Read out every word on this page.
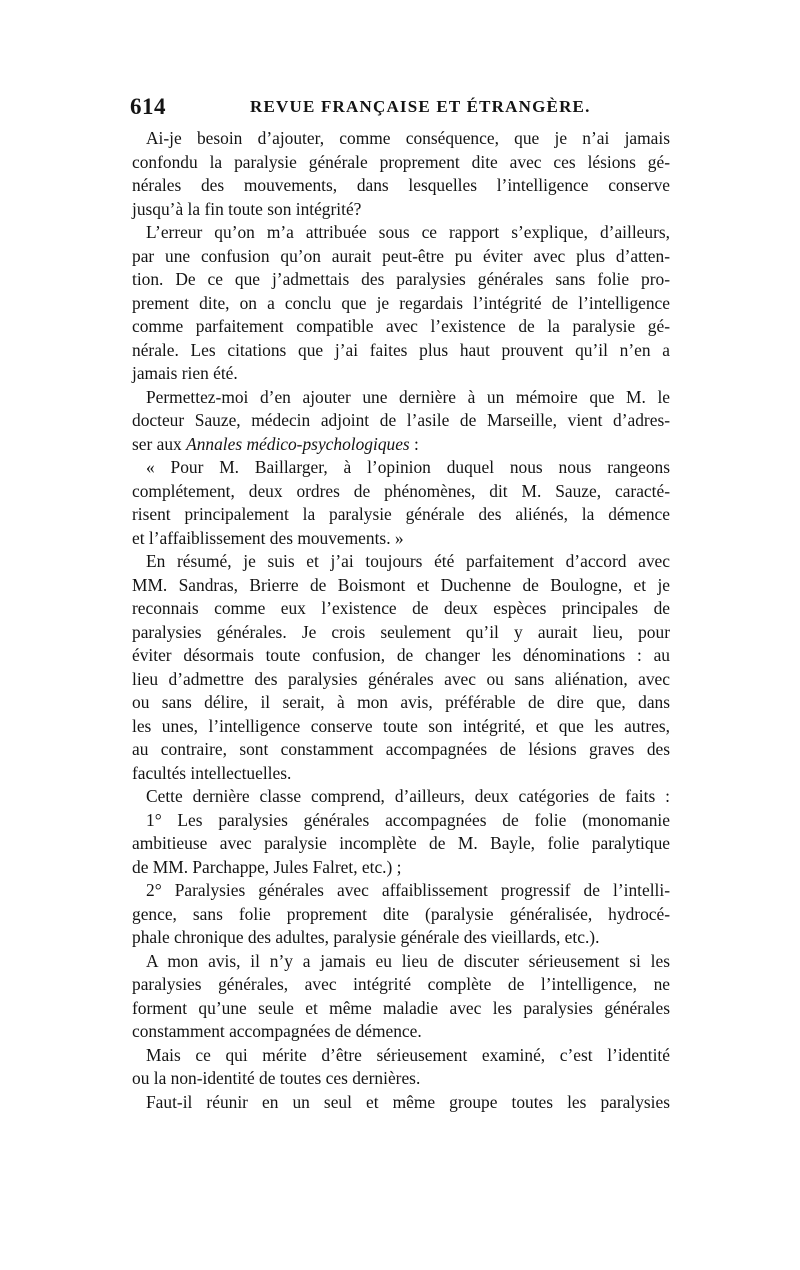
614	REVUE FRANÇAISE ET ÉTRANGÈRE.
Ai-je besoin d’ajouter, comme conséquence, que je n’ai jamais
confondu la paralysie générale proprement dite avec ces lésions gé-
nérales des mouvements, dans lesquelles l’intelligence conserve
jusqu’à la fin toute son intégrité?
L’erreur qu’on m’a attribuée sous ce rapport s’explique, d’ailleurs,
par une confusion qu’on aurait peut-être pu éviter avec plus d’atten-
tion. De ce que j’admettais des paralysies générales sans folie pro-
prement dite, on a conclu que je regardais l’intégrité de l’intelligence
comme parfaitement compatible avec l’existence de la paralysie gé-
nérale. Les citations que j’ai faites plus haut prouvent qu’il n’en a
jamais rien été.
Permettez-moi d’en ajouter une dernière à un mémoire que M. le
docteur Sauze, médecin adjoint de l’asile de Marseille, vient d’adres-
ser aux Annales médico-psychologiques :
« Pour M. Baillarger, à l’opinion duquel nous nous rangeons
complétement, deux ordres de phénomènes, dit M. Sauze, caracté-
risent principalement la paralysie générale des aliénés, la démence
et l’affaiblissement des mouvements. »
En résumé, je suis et j’ai toujours été parfaitement d’accord avec
MM. Sandras, Brierre de Boismont et Duchenne de Boulogne, et je
reconnais comme eux l’existence de deux espèces principales de
paralysies générales. Je crois seulement qu’il y aurait lieu, pour
éviter désormais toute confusion, de changer les dénominations : au
lieu d’admettre des paralysies générales avec ou sans aliénation, avec
ou sans délire, il serait, à mon avis, préférable de dire que, dans
les unes, l’intelligence conserve toute son intégrité, et que les autres,
au contraire, sont constamment accompagnées de lésions graves des
facultés intellectuelles.
Cette dernière classe comprend, d’ailleurs, deux catégories de faits :
1° Les paralysies générales accompagnées de folie (monomanie
ambitieuse avec paralysie incomplète de M. Bayle, folie paralytique
de MM. Parchappe, Jules Falret, etc.) ;
2° Paralysies générales avec affaiblissement progressif de l’intelli-
gence, sans folie proprement dite (paralysie généralisée, hydrocé-
phale chronique des adultes, paralysie générale des vieillards, etc.).
A mon avis, il n’y a jamais eu lieu de discuter sérieusement si les
paralysies générales, avec intégrité complète de l’intelligence, ne
forment qu’une seule et même maladie avec les paralysies générales
constamment accompagnées de démence.
Mais ce qui mérite d’être sérieusement examiné, c’est l’identité
ou la non-identité de toutes ces dernières.
Faut-il réunir en un seul et même groupe toutes les paralysies
